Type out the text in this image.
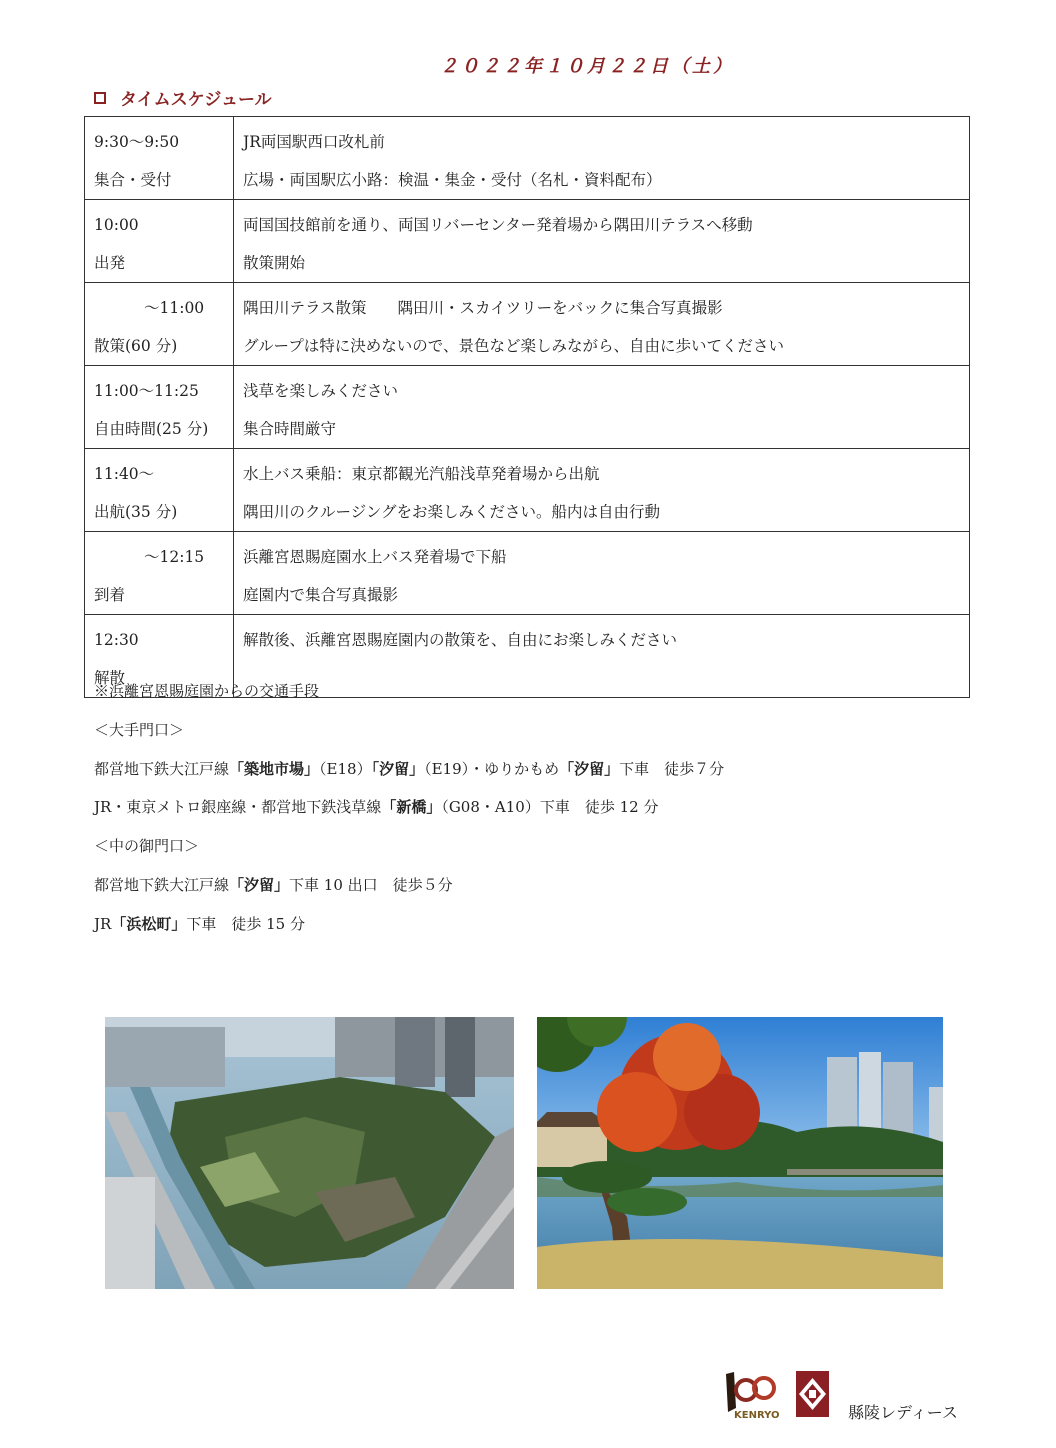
２０２２年１０月２２日（土）
タイムスケジュール
9:30〜9:50
集合・受付	JR両国駅西口改札前
広場・両国駅広小路：検温・集金・受付（名札・資料配布）

10:00
出発	両国国技館前を通り、両国リバーセンター発着場から隅田川テラスへ移動
散策開始

〜11:00
散策(60 分)	隅田川テラス散策　　隅田川・スカイツリーをバックに集合写真撮影
グループは特に決めないので、景色など楽しみながら、自由に歩いてください

11:00〜11:25
自由時間(25 分)	浅草を楽しみください
集合時間厳守

11:40〜
出航(35 分)	水上バス乗船：東京都観光汽船浅草発着場から出航
隅田川のクルージングをお楽しみください。船内は自由行動

〜12:15
到着	浜離宮恩賜庭園水上バス発着場で下船
庭園内で集合写真撮影

12:30
解散	解散後、浜離宮恩賜庭園内の散策を、自由にお楽しみください
※浜離宮恩賜庭園からの交通手段
＜大手門口＞
都営地下鉄大江戸線「築地市場」（E18）「汐留」（E19）・ゆりかもめ「汐留」下車　徒歩７分
JR・東京メトロ銀座線・都営地下鉄浅草線「新橋」（G08・A10）下車　徒歩 12 分
＜中の御門口＞
都営地下鉄大江戸線「汐留」下車 10 出口　徒歩５分
JR「浜松町」下車　徒歩 15 分
KENRYO	縣陵レディース
